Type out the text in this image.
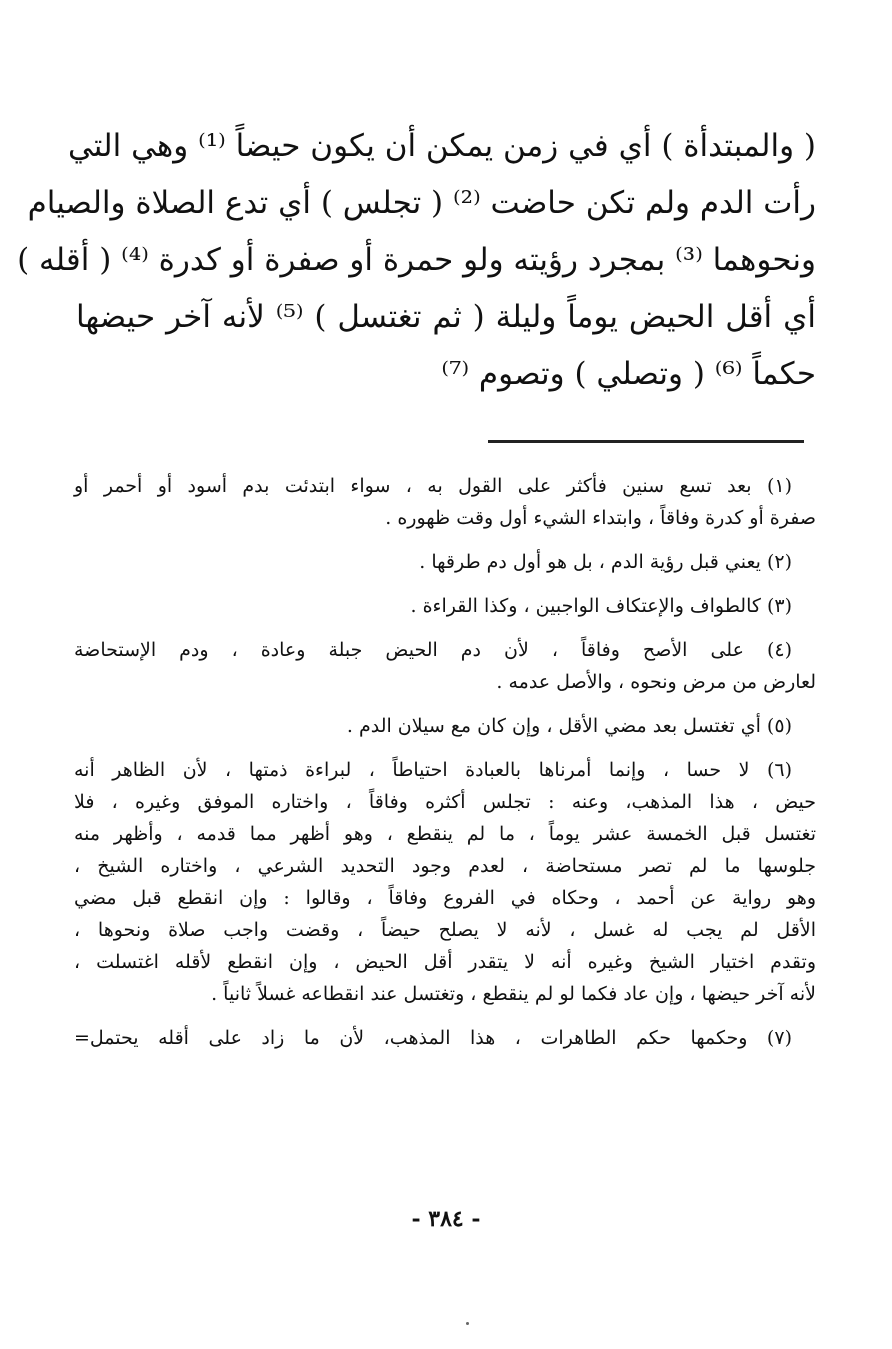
( والمبتدأة ) أي في زمن يمكن أن يكون حيضاً ⁽¹⁾ وهي التي
رأت الدم ولم تكن حاضت ⁽²⁾ ( تجلس ) أي تدع الصلاة والصيام
ونحوهما ⁽³⁾ بمجرد رؤيته ولو حمرة أو صفرة أو كدرة ⁽⁴⁾ ( أقله )
أي أقل الحيض يوماً وليلة ( ثم تغتسل ) ⁽⁵⁾ لأنه آخر حيضها
حكماً ⁽⁶⁾ ( وتصلي ) وتصوم ⁽⁷⁾
(١) بعد تسع سنين فأكثر على القول به ، سواء ابتدئت بدم أسود أو أحمر أو
صفرة أو كدرة وفاقاً ، وابتداء الشيء أول وقت ظهوره .
(٢) يعني قبل رؤية الدم ، بل هو أول دم طرقها .
(٣) كالطواف والإعتكاف الواجبين ، وكذا القراءة .
(٤) على الأصح وفاقاً ، لأن دم الحيض جبلة وعادة ، ودم الإستحاضة
لعارض من مرض ونحوه ، والأصل عدمه .
(٥) أي تغتسل بعد مضي الأقل ، وإن كان مع سيلان الدم .
(٦) لا حسا ، وإنما أمرناها بالعبادة احتياطاً ، لبراءة ذمتها ، لأن الظاهر أنه
حيض ، هذا المذهب، وعنه : تجلس أكثره وفاقاً ، واختاره الموفق وغيره ، فلا
تغتسل قبل الخمسة عشر يوماً ، ما لم ينقطع ، وهو أظهر مما قدمه ، وأظهر منه
جلوسها ما لم تصر مستحاضة ، لعدم وجود التحديد الشرعي ، واختاره الشيخ ،
وهو رواية عن أحمد ، وحكاه في الفروع وفاقاً ، وقالوا : وإن انقطع قبل مضي
الأقل لم يجب له غسل ، لأنه لا يصلح حيضاً ، وقضت واجب صلاة ونحوها ،
وتقدم اختيار الشيخ وغيره أنه لا يتقدر أقل الحيض ، وإن انقطع لأقله اغتسلت ،
لأنه آخر حيضها ، وإن عاد فكما لو لم ينقطع ، وتغتسل عند انقطاعه غسلاً ثانياً .
(٧) وحكمها حكم الطاهرات ، هذا المذهب، لأن ما زاد على أقله يحتمل=
- ٣٨٤ -
